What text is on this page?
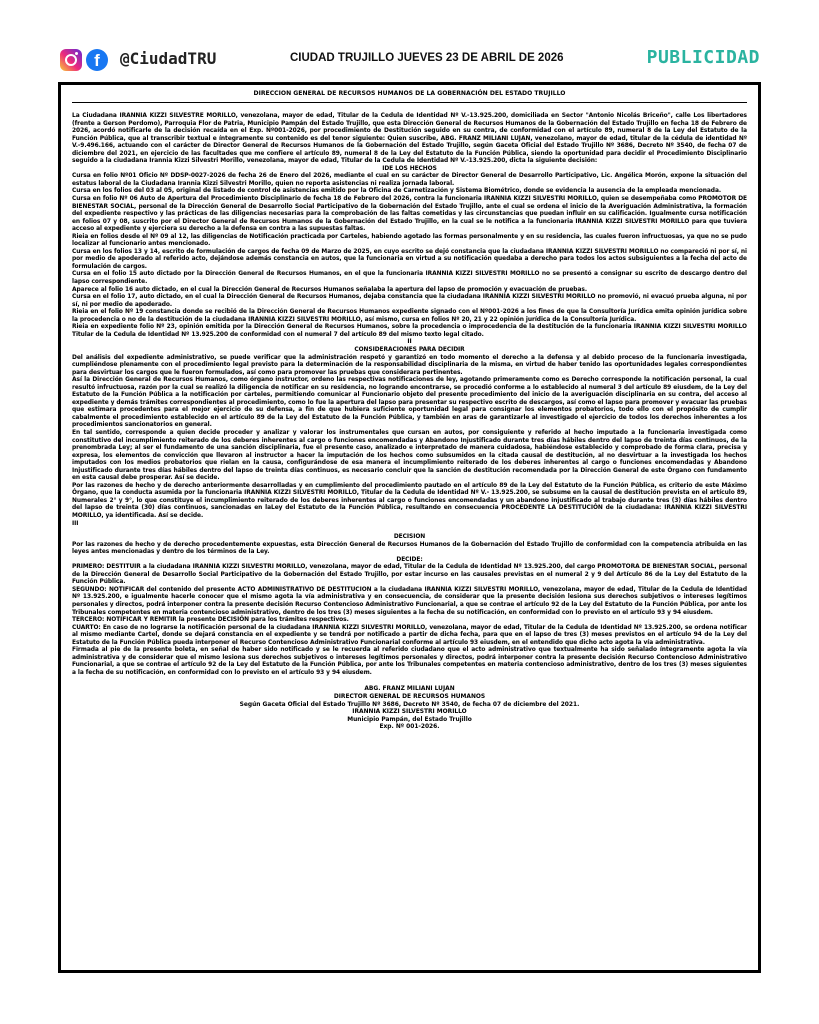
f	@CiudadTRU	CIUDAD TRUJILLO JUEVES 23 DE ABRIL DE 2026	PUBLICIDAD
DIRECCION GENERAL DE RECURSOS HUMANOS DE LA GOBERNACIÓN DEL ESTADO TRUJILLO

La Ciudadana IRANNIA KIZZI SILVESTRE MORILLO, venezolana, mayor de edad, Titular de la Cedula de Identidad Nº V.-13.925.200, domiciliada en Sector "Antonio Nicolás Briceño", calle Los libertadores (frente a Gerson Perdomo), Parroquia Flor de Patria, Municipio Pampán del Estado Trujillo, que esta Dirección General de Recursos Humanos de la Gobernación del Estado Trujillo en fecha 18 de Febrero de 2026, acordó notificarle de la decisión recaída en el Exp. Nº001-2026, por procedimiento de Destitución seguido en su contra, de conformidad con el artículo 89, numeral 8 de la Ley del Estatuto de la Función Pública, que al transcribir textual e íntegramente su contenido es del tenor siguiente: Quien suscribe, ABG. FRANZ MILIANI LUJAN, venezolano, mayor de edad, titular de la cédula de identidad Nº V.-9.496.166, actuando con el carácter de Director General de Recursos Humanos de la Gobernación del Estado Trujillo, según Gaceta Oficial del Estado Trujillo Nº 3686, Decreto Nº 3540, de fecha 07 de diciembre del 2021, en ejercicio de las facultades que me confiere el artículo 89, numeral 8 de la Ley del Estatuto de la Función Pública, siendo la oportunidad para decidir el Procedimiento Disciplinario seguido a la ciudadana Irannia Kizzi Silvestri Morillo, venezolana, mayor de edad, Titular de la Cedula de Identidad Nº V.-13.925.200, dicta la siguiente decisión:

IDE LOS HECHOS

Cursa en folio Nº01 Oficio Nº DDSP-0027-2026 de fecha 26 de Enero del 2026, mediante el cual en su carácter de Director General de Desarrollo Participativo, Lic. Angélica Morón, expone la situación del estatus laboral de la Ciudadana Irannia Kizzi Silvestri Morillo, quien no reporta asistencias ni realiza jornada laboral.

Cursa en los folios del 03 al 05, original de listado de control de asistencias emitido por la Oficina de Carnetización y Sistema Biométrico, donde se evidencia la ausencia de la empleada mencionada.

Cursa en folio Nº 06 Auto de Apertura del Procedimiento Disciplinario de fecha 18 de Febrero del 2026, contra la funcionaria IRANNIA KIZZI SILVESTRI MORILLO, quien se desempeñaba como PROMOTOR DE BIENESTAR SOCIAL, personal de la Dirección General de Desarrollo Social Participativo de la Gobernación del Estado Trujillo, ante el cual se ordena el inicio de la Averiguación Administrativa, la formación del expediente respectivo y las prácticas de las diligencias necesarias para la comprobación de las faltas cometidas y las circunstancias que puedan influir en su calificación. Igualmente cursa notificación en folios 07 y 08, suscrito por el Director General de Recursos Humanos de la Gobernación del Estado Trujillo, en la cual se le notifica a la funcionaria IRANNIA KIZZI SILVESTRI MORILLO para que tuviera acceso al expediente y ejerciera su derecho a la defensa en contra a las supuestas faltas.

Rieia en folios desde el Nº 09 al 12, las diligencias de Notificación practicada por Carteles, habiendo agotado las formas personalmente y en su residencia, las cuales fueron infructuosas, ya que no se pudo localizar al funcionario antes mencionado.

Cursa en los folios 13 y 14, escrito de formulación de cargos de fecha 09 de Marzo de 2025, en cuyo escrito se dejó constancia que la ciudadana IRANNIA KIZZI SILVESTRI MORILLO no compareció ni por sí, ni por medio de apoderado al referido acto, dejándose además constancia en autos, que la funcionaria en virtud a su notificación quedaba a derecho para todos los actos subsiguientes a la fecha del acto de formulación de cargos.

Cursa en el folio 15 auto dictado por la Dirección General de Recursos Humanos, en el que la funcionaria IRANNIA KIZZI SILVESTRI MORILLO no se presentó a consignar su escrito de descargo dentro del lapso correspondiente.

Aparece al folio 16 auto dictado, en el cual la Dirección General de Recursos Humanos señalaba la apertura del lapso de promoción y evacuación de pruebas.

Cursa en el folio 17, auto dictado, en el cual la Dirección General de Recursos Humanos, dejaba constancia que la ciudadana IRANNIA KIZZI SILVESTRI MORILLO no promovió, ni evacuó prueba alguna, ni por sí, ni por medio de apoderado.

Rieia en el folio Nº 19 constancia donde se recibió de la Dirección General de Recursos Humanos expediente signado con el Nº001-2026 a los fines de que la Consultoría Jurídica emita opinión jurídica sobre la procedencia o no de la destitución de la ciudadana IRANNIA KIZZI SILVESTRI MORILLO, así mismo, cursa en folios Nº 20, 21 y 22 opinión jurídica de la Consultoría Jurídica.

Rieia en expediente folio Nº 23, opinión emitida por la Dirección General de Recursos Humanos, sobre la procedencia o improcedencia de la destitución de la funcionaria IRANNIA KIZZI SILVESTRI MORILLO Titular de la Cedula de Identidad Nº 13.925.200 de conformidad con el numeral 7 del artículo 89 del mismo texto legal citado.

II

CONSIDERACIONES PARA DECIDIR

Del análisis del expediente administrativo, se puede verificar que la administración respetó y garantizó en todo momento el derecho a la defensa y al debido proceso de la funcionaria investigada, cumpliéndose plenamente con el procedimiento legal previsto para la determinación de la responsabilidad disciplinaria de la misma, en virtud de haber tenido las oportunidades legales correspondientes para desvirtuar los cargos que le fueron formulados, así como para promover las pruebas que considerara pertinentes.

Así la Dirección General de Recursos Humanos, como órgano instructor, ordeno las respectivas notificaciones de ley, agotando primeramente como es Derecho corresponde la notificación personal, la cual resultó infructuosa, razón por la cual se realizó la diligencia de notificar en su residencia, no logrando encontrarse, se procedió conforme a lo establecido al numeral 3 del artículo 89 eiusdem, de la Ley del Estatuto de la Función Pública a la notificación por carteles, permitiendo comunicar al Funcionario objeto del presente procedimiento del inicio de la averiguación disciplinaria en su contra, del acceso al expediente y demás trámites correspondientes al procedimiento, como lo fue la apertura del lapso para presentar su respectivo escrito de descargos, así como el lapso para promover y evacuar las pruebas que estimara procedentes para el mejor ejercicio de su defensa, a fin de que hubiera suficiente oportunidad legal para consignar los elementos probatorios, todo ello con el propósito de cumplir cabalmente el procedimiento establecido en el artículo 89 de la Ley del Estatuto de la Función Pública, y también en aras de garantizarle al investigado el ejercicio de todos los derechos inherentes a los procedimientos sancionatorios en general.

En tal sentido, corresponde a quien decide proceder y analizar y valorar los instrumentales que cursan en autos, por consiguiente y referido al hecho imputado a la funcionaria investigada como constitutivo del incumplimiento reiterado de los deberes inherentes al cargo o funciones encomendadas y Abandono Injustificado durante tres días hábiles dentro del lapso de treinta días continuos, de la prenombrada Ley; al ser el fundamento de una sanción disciplinaria, fue el presente caso, analizado e interpretado de manera cuidadosa, habiéndose establecido y comprobado de forma clara, precisa y expresa, los elementos de convicción que llevaron al instructor a hacer la imputación de los hechos como subsumidos en la citada causal de destitución, al no desvirtuar a la investigada los hechos imputados con los medios probatorios que rielan en la causa, configurándose de esa manera el incumplimiento reiterado de los deberes inherentes al cargo o funciones encomendadas y Abandono Injustificado durante tres días hábiles dentro del lapso de treinta días continuos, es necesario concluir que la sanción de destitución recomendada por la Dirección General de este Órgano con fundamento en esta causal debe prosperar. Así se decide.

Por las razones de hecho y de derecho anteriormente desarrolladas y en cumplimiento del procedimiento pautado en el artículo 89 de la Ley del Estatuto de la Función Pública, es criterio de este Máximo Órgano, que la conducta asumida por la funcionaria IRANNIA KIZZI SILVESTRI MORILLO, Titular de la Cedula de Identidad Nº V.- 13.925.200, se subsume en la causal de destitución prevista en el artículo 89, Numerales 2° y 9°, lo que constituye el incumplimiento reiterado de los deberes inherentes al cargo o funciones encomendadas y un abandono injustificado al trabajo durante tres (3) días hábiles dentro del lapso de treinta (30) días continuos, sancionadas en laLey del Estatuto de la Función Pública, resultando en consecuencia PROCEDENTE LA DESTITUCIÓN de la ciudadana: IRANNIA KIZZI SILVESTRI MORILLO, ya identificada. Así se decide.

III

DECISION

Por las razones de hecho y de derecho procedentemente expuestas, esta Dirección General de Recursos Humanos de la Gobernación del Estado Trujillo de conformidad con la competencia atribuida en las leyes antes mencionadas y dentro de los términos de la Ley.

DECIDE:

PRIMERO: DESTITUIR a la ciudadana IRANNIA KIZZI SILVESTRI MORILLO, venezolana, mayor de edad, Titular de la Cedula de Identidad Nº 13.925.200, del cargo PROMOTORA DE BIENESTAR SOCIAL, personal de la Dirección General de Desarrollo Social Participativo de la Gobernación del Estado Trujillo, por estar incurso en las causales previstas en el numeral 2 y 9 del Artículo 86 de la Ley del Estatuto de la Función Pública.

SEGUNDO: NOTIFICAR del contenido del presente ACTO ADMINISTRATIVO DE DESTITUCION a la ciudadana IRANNIA KIZZI SILVESTRI MORILLO, venezolana, mayor de edad, Titular de la Cedula de Identidad Nº 13.925.200, e igualmente hacerle conocer que el mismo agota la vía administrativa y en consecuencia, de considerar que la presente decisión lesiona sus derechos subjetivos o intereses legítimos personales y directos, podrá interponer contra la presente decisión Recurso Contencioso Administrativo Funcionarial, a que se contrae el artículo 92 de la Ley del Estatuto de la Función Pública, por ante los Tribunales competentes en materia contencioso administrativo, dentro de los tres (3) meses siguientes a la fecha de su notificación, en conformidad con lo previsto en el artículo 93 y 94 eiusdem.

TERCERO: NOTIFICAR Y REMITIR la presente DECISIÓN para los trámites respectivos.

CUARTO: En caso de no lograrse la notificación personal de la ciudadana IRANNIA KIZZI SILVESTRI MORILLO, venezolana, mayor de edad, Titular de la Cedula de Identidad Nº 13.925.200, se ordena notificar al mismo mediante Cartel, donde se dejará constancia en el expediente y se tendrá por notificado a partir de dicha fecha, para que en el lapso de tres (3) meses previstos en el artículo 94 de la Ley del Estatuto de la Función Pública pueda interponer el Recurso Contencioso Administrativo Funcionarial conforme al artículo 93 eiusdem, en el entendido que dicho acto agota la vía administrativa.

Firmada al pie de la presente boleta, en señal de haber sido notificado y se le recuerda al referido ciudadano que el acto administrativo que textualmente ha sido señalado íntegramente agota la vía administrativa y de considerar que el mismo lesiona sus derechos subjetivos o intereses legítimos personales y directos, podrá interponer contra la presente decisión Recurso Contencioso Administrativo Funcionarial, a que se contrae el artículo 92 de la Ley del Estatuto de la Función Pública, por ante los Tribunales competentes en materia contencioso administrativo, dentro de los tres (3) meses siguientes a la fecha de su notificación, en conformidad con lo previsto en el artículo 93 y 94 eiusdem.

ABG. FRANZ MILIANI LUJAN
DIRECTOR GENERAL DE RECURSOS HUMANOS
Según Gaceta Oficial del Estado Trujillo Nº 3686, Decreto Nº 3540, de fecha 07 de diciembre del 2021.
IRANNIA KIZZI SILVESTRI MORILLO
Municipio Pampán, del Estado Trujillo
Exp. Nº 001-2026.
